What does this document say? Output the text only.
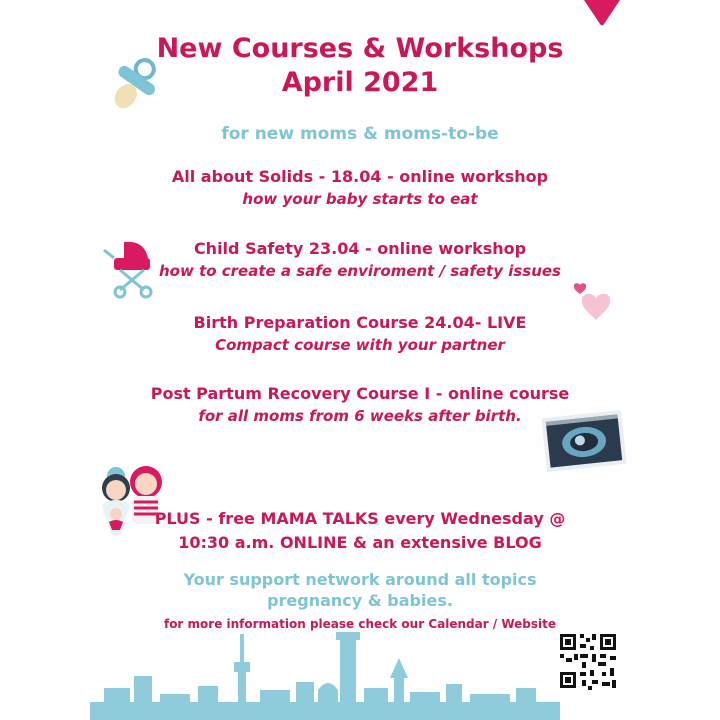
New Courses & Workshops
April 2021
for new moms & moms-to-be
All about Solids - 18.04 - online workshop
how your baby starts to eat
Child Safety 23.04 - online workshop
how to create a safe enviroment / safety issues
Birth Preparation Course 24.04- LIVE
Compact course with your partner
Post Partum Recovery Course I - online course
for all moms from 6 weeks after birth.
PLUS - free MAMA TALKS every Wednesday @
10:30 a.m. ONLINE & an extensive BLOG
Your support network around all topics
pregnancy & babies.
for more information please check our Calendar / Website
